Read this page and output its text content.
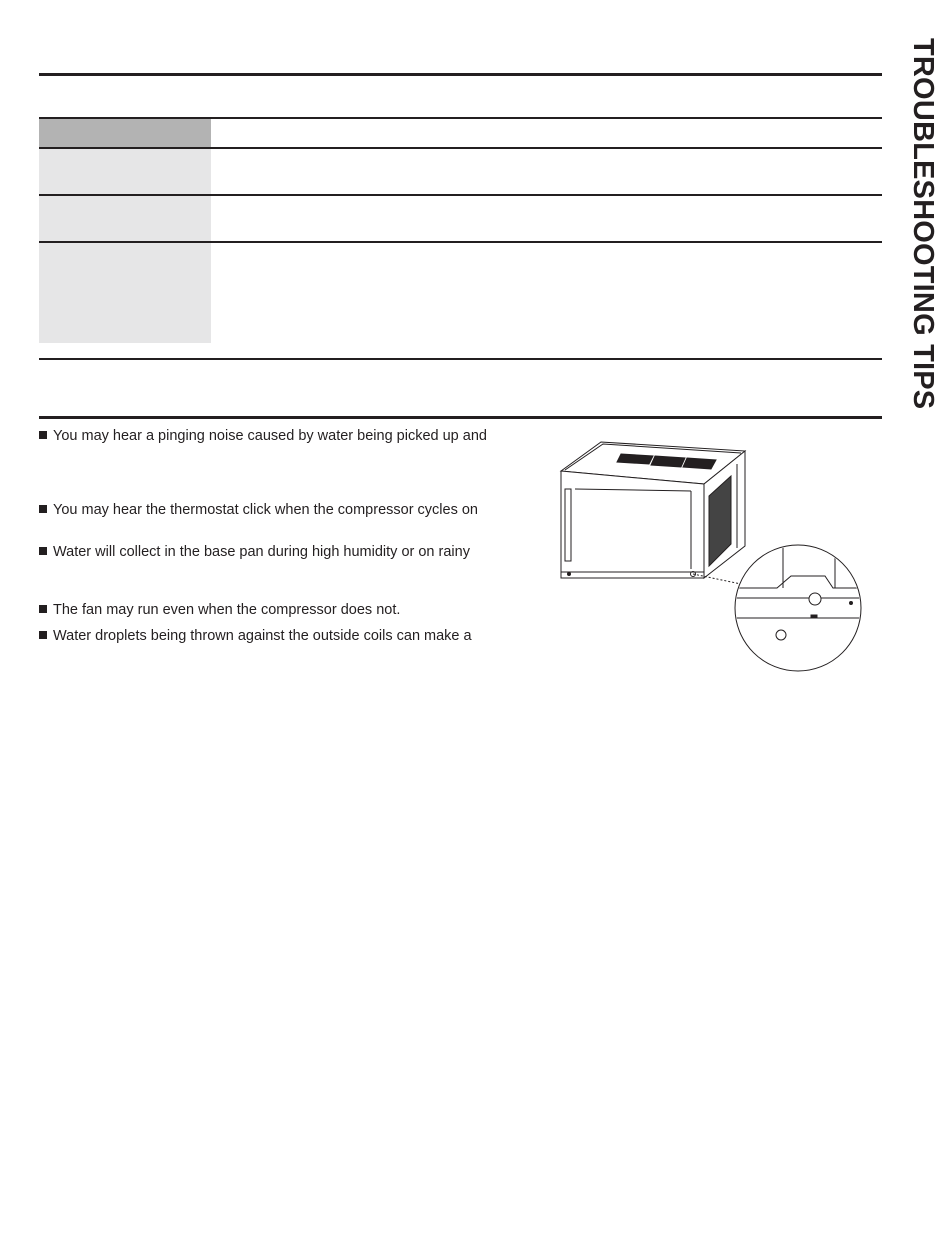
TROUBLESHOOTING TIPS
You may hear a pinging noise caused by water being picked up and
You may hear the thermostat click when the compressor cycles on
Water will collect in the base pan during high humidity or on rainy
The fan may run even when the compressor does not.
Water droplets being thrown against the outside coils can make a
